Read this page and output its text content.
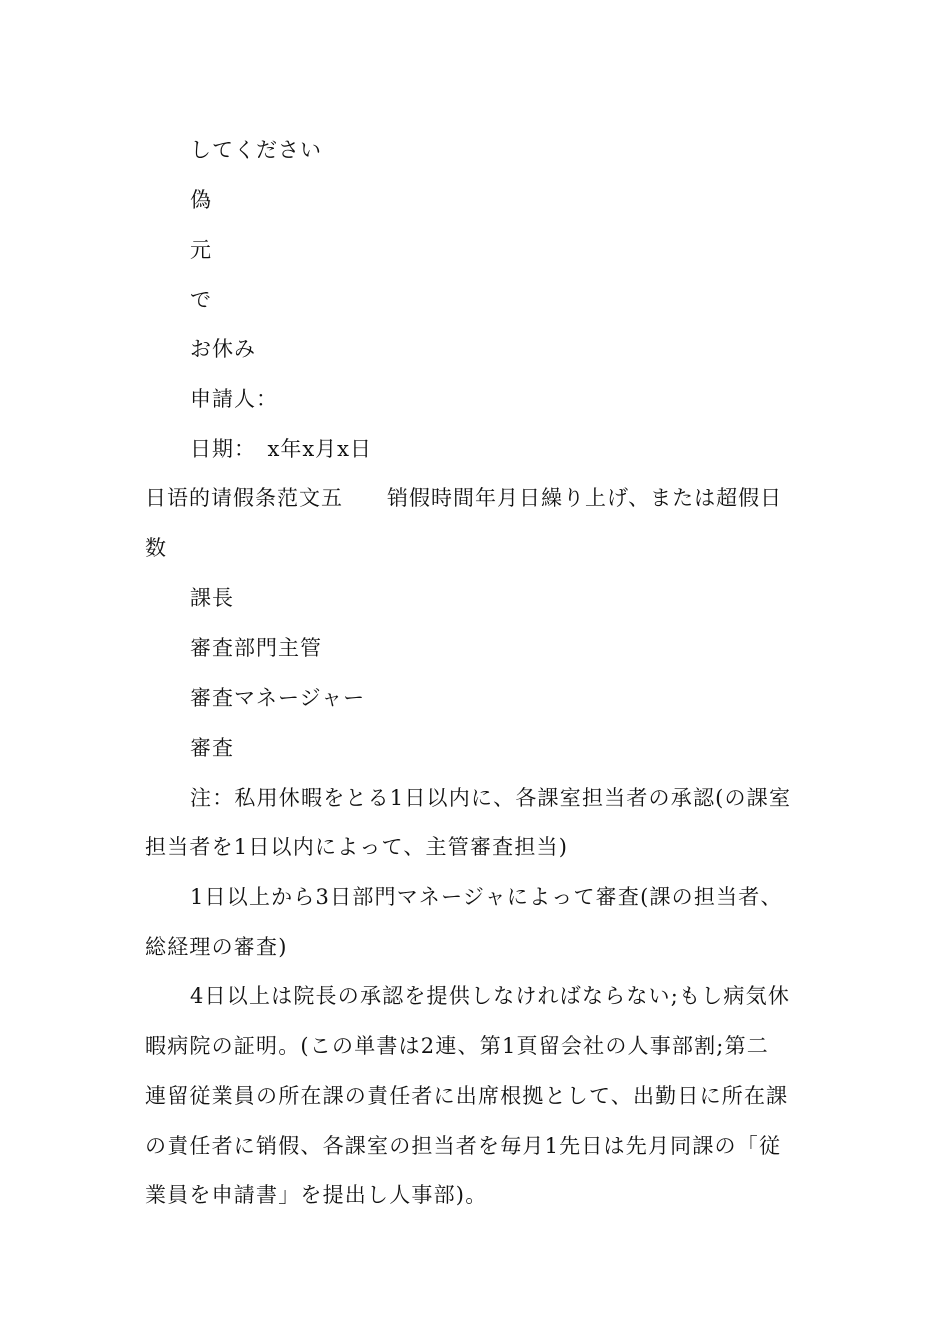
してください
偽
元
で
お休み
申請人：
日期：　x年x月x日
日语的请假条范文五 销假時間年月日繰り上げ、または超假日
数
課長
審査部門主管
審査マネージャー
審査
注：私用休暇をとる1日以内に、各課室担当者の承認(の課室
担当者を1日以内によって、主管審査担当)
1日以上から3日部門マネージャによって審査(課の担当者、
総経理の審査)
4日以上は院長の承認を提供しなければならない;もし病気休
暇病院の証明。(この単書は2連、第1頁留会社の人事部割;第二
連留従業員の所在課の責任者に出席根拠として、出勤日に所在課
の責任者に销假、各課室の担当者を毎月1先日は先月同課の「従
業員を申請書」を提出し人事部)。
